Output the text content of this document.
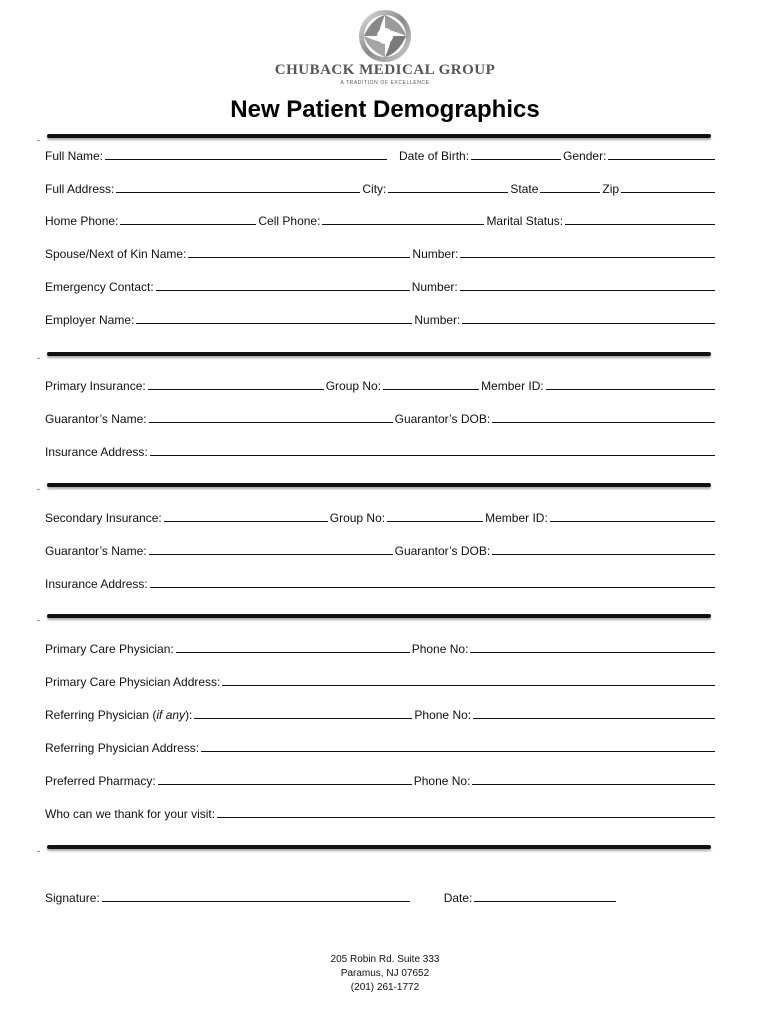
CHUBACK MEDICAL GROUP
A TRADITION OF EXCELLENCE
New Patient Demographics
-
Full Name:	Date of Birth:	Gender:
Full Address:	City:	State	Zip
Home Phone:	Cell Phone:	Marital Status:
Spouse/Next of Kin Name:	Number:
Emergency Contact:	Number:
Employer Name:	Number:
-
Primary Insurance:	Group No:	Member ID:
Guarantor’s Name:	Guarantor’s DOB:
Insurance Address:
-
Secondary Insurance:	Group No:	Member ID:
Guarantor’s Name:	Guarantor’s DOB:
Insurance Address:
-
Primary Care Physician:	Phone No:
Primary Care Physician Address:
Referring Physician ( if any ):	Phone No:
Referring Physician Address:
Preferred Pharmacy:	Phone No:
Who can we thank for your visit:
-
Signature:	Date:
205 Robin Rd. Suite 333
Paramus, NJ 07652
(201) 261-1772
